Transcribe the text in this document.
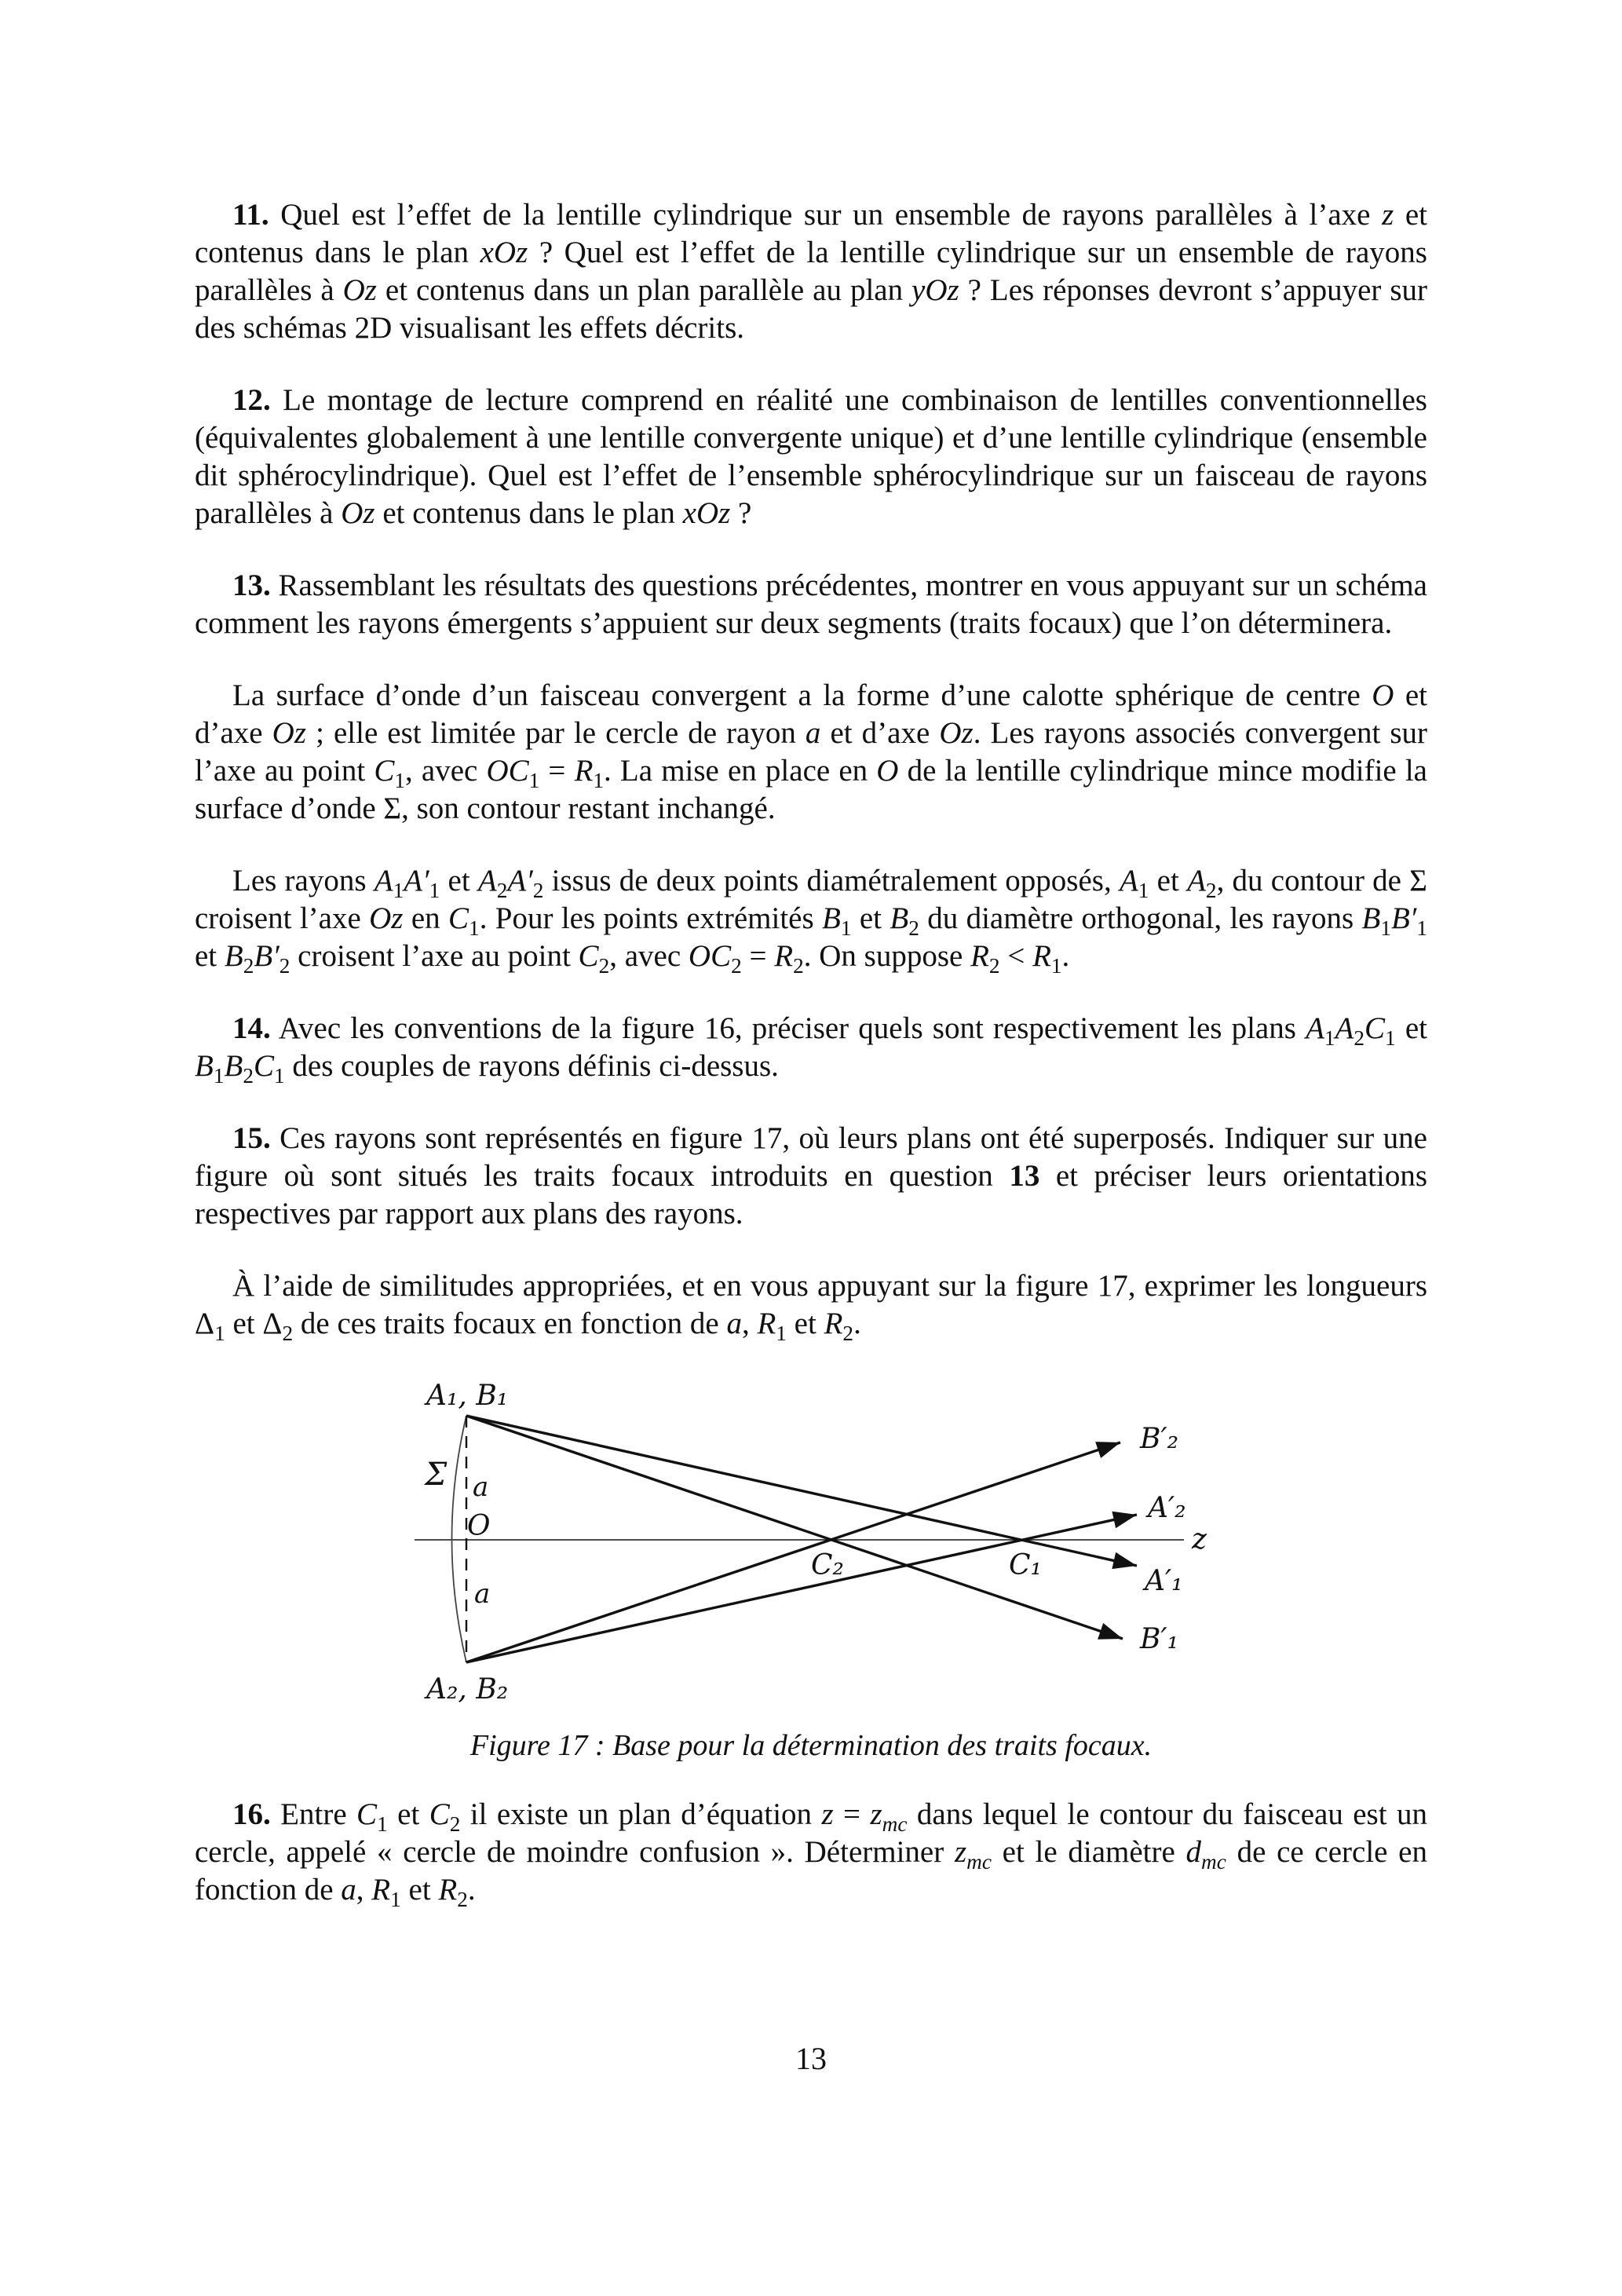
11. Quel est l’effet de la lentille cylindrique sur un ensemble de rayons parallèles à l’axe z et contenus dans le plan xOz ? Quel est l’effet de la lentille cylindrique sur un ensemble de rayons parallèles à Oz et contenus dans un plan parallèle au plan yOz ? Les réponses devront s’appuyer sur des schémas 2D visualisant les effets décrits.

12. Le montage de lecture comprend en réalité une combinaison de lentilles conventionnelles (équivalentes globalement à une lentille convergente unique) et d’une lentille cylindrique (ensemble dit sphérocylindrique). Quel est l’effet de l’ensemble sphérocylindrique sur un faisceau de rayons parallèles à Oz et contenus dans le plan xOz ?

13. Rassemblant les résultats des questions précédentes, montrer en vous appuyant sur un schéma comment les rayons émergents s’appuient sur deux segments (traits focaux) que l’on déterminera.

La surface d’onde d’un faisceau convergent a la forme d’une calotte sphérique de centre O et d’axe Oz ; elle est limitée par le cercle de rayon a et d’axe Oz. Les rayons associés convergent sur l’axe au point $C_1$, avec $OC_1 = R_1$. La mise en place en O de la lentille cylindrique mince modifie la surface d’onde Σ, son contour restant inchangé.

Les rayons $A_1A'_1$ et $A_2A'_2$ issus de deux points diamétralement opposés, $A_1$ et $A_2$, du contour de Σ croisent l’axe Oz en $C_1$. Pour les points extrémités $B_1$ et $B_2$ du diamètre orthogonal, les rayons $B_1B'_1$ et $B_2B'_2$ croisent l’axe au point $C_2$, avec $OC_2 = R_2$. On suppose $R_2 < R_1$.

14. Avec les conventions de la figure 16, préciser quels sont respectivement les plans $A_1A_2C_1$ et $B_1B_2C_1$ des couples de rayons définis ci-dessus.

15. Ces rayons sont représentés en figure 17, où leurs plans ont été superposés. Indiquer sur une figure où sont situés les traits focaux introduits en question 13 et préciser leurs orientations respectives par rapport aux plans des rayons.

À l’aide de similitudes appropriées, et en vous appuyant sur la figure 17, exprimer les longueurs $\Delta_1$ et $\Delta_2$ de ces traits focaux en fonction de a, $R_1$ et $R_2$.

A₁, B₁
A₂, B₂
Σ a
a
O
C₂	C₁
B′₂
A′₂
A′₁
B′₁
z

Figure 17 : Base pour la détermination des traits focaux.

16. Entre $C_1$ et $C_2$ il existe un plan d’équation $z = z_{mc}$ dans lequel le contour du faisceau est un cercle, appelé « cercle de moindre confusion ». Déterminer $z_{mc}$ et le diamètre $d_{mc}$ de ce cercle en fonction de a, $R_1$ et $R_2$.

13
